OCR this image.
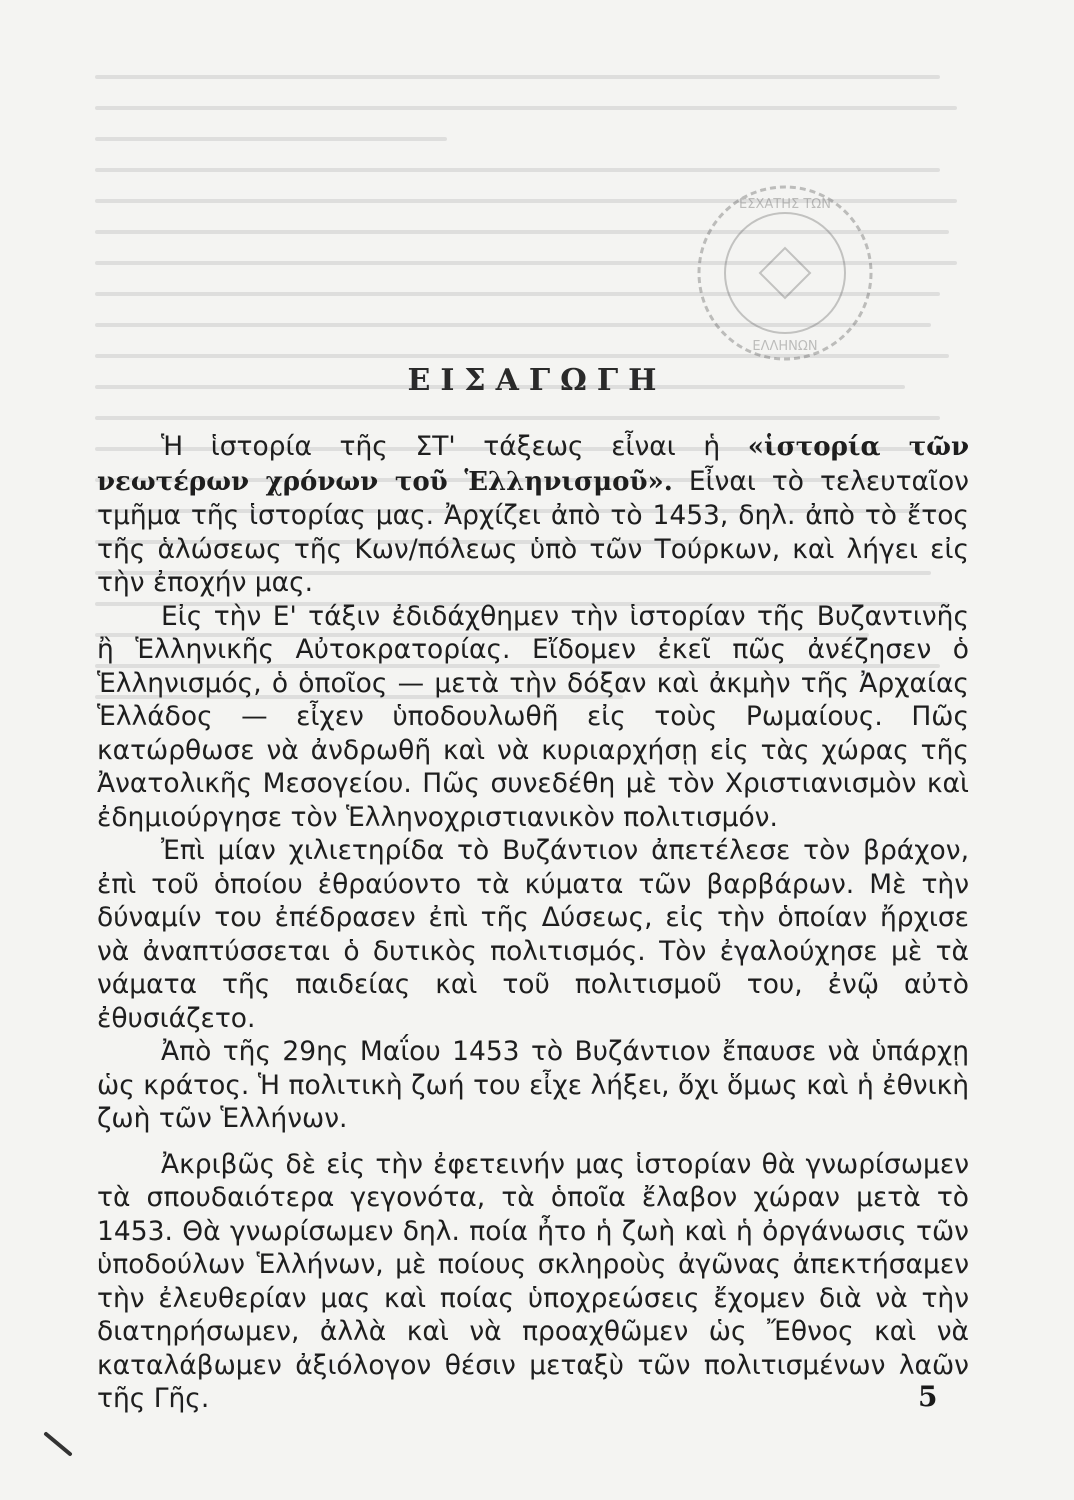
ΕΣΧΑΤΗΣ ΤΩΝ
ΕΛΛΗΝΩΝ
ΕΙΣΑΓΩΓΗ

Ἡ ἱστορία τῆς ΣΤ' τάξεως εἶναι ἡ «ἱστορία τῶν νεωτέρων χρόνων τοῦ Ἑλληνισμοῦ». Εἶναι τὸ τελευταῖον τμῆμα τῆς ἱστορίας μας. Ἀρχίζει ἀπὸ τὸ 1453, δηλ. ἀπὸ τὸ ἔτος τῆς ἁλώσεως τῆς Κων/πόλεως ὑπὸ τῶν Τούρκων, καὶ λήγει εἰς τὴν ἐποχήν μας.

Εἰς τὴν Ε' τάξιν ἐδιδάχθημεν τὴν ἱστορίαν τῆς Βυζαντινῆς ἢ Ἑλληνικῆς Αὐτοκρατορίας. Εἴδομεν ἐκεῖ πῶς ἀνέζησεν ὁ Ἑλληνισμός, ὁ ὁποῖος — μετὰ τὴν δόξαν καὶ ἀκμὴν τῆς Ἀρχαίας Ἑλλάδος — εἶχεν ὑποδουλωθῆ εἰς τοὺς Ρωμαίους. Πῶς κατώρθωσε νὰ ἀνδρωθῆ καὶ νὰ κυριαρχήσῃ εἰς τὰς χώρας τῆς Ἀνατολικῆς Μεσογείου. Πῶς συνεδέθη μὲ τὸν Χριστιανισμὸν καὶ ἐδημιούργησε τὸν Ἑλληνοχριστιανικὸν πολιτισμόν.

Ἐπὶ μίαν χιλιετηρίδα τὸ Βυζάντιον ἀπετέλεσε τὸν βράχον, ἐπὶ τοῦ ὁποίου ἐθραύοντο τὰ κύματα τῶν βαρβάρων. Μὲ τὴν δύναμίν του ἐπέδρασεν ἐπὶ τῆς Δύσεως, εἰς τὴν ὁποίαν ἤρχισε νὰ ἀναπτύσσεται ὁ δυτικὸς πολιτισμός. Τὸν ἐγαλούχησε μὲ τὰ νάματα τῆς παιδείας καὶ τοῦ πολιτισμοῦ του, ἐνῷ αὐτὸ ἐθυσιάζετο.

Ἀπὸ τῆς 29ης Μαΐου 1453 τὸ Βυζάντιον ἔπαυσε νὰ ὑπάρχῃ ὡς κράτος. Ἡ πολιτικὴ ζωή του εἶχε λήξει, ὄχι ὅμως καὶ ἡ ἐθνικὴ ζωὴ τῶν Ἑλλήνων.

Ἀκριβῶς δὲ εἰς τὴν ἐφετεινήν μας ἱστορίαν θὰ γνωρίσωμεν τὰ σπουδαιότερα γεγονότα, τὰ ὁποῖα ἔλαβον χώραν μετὰ τὸ 1453. Θὰ γνωρίσωμεν δηλ. ποία ἦτο ἡ ζωὴ καὶ ἡ ὀργάνωσις τῶν ὑποδούλων Ἑλλήνων, μὲ ποίους σκληροὺς ἀγῶνας ἀπεκτήσαμεν τὴν ἐλευθερίαν μας καὶ ποίας ὑποχρεώσεις ἔχομεν διὰ νὰ τὴν διατηρήσωμεν, ἀλλὰ καὶ νὰ προαχθῶμεν ὡς Ἔθνος καὶ νὰ καταλάβωμεν ἀξιόλογον θέσιν μεταξὺ τῶν πολιτισμένων λαῶν τῆς Γῆς.	5
